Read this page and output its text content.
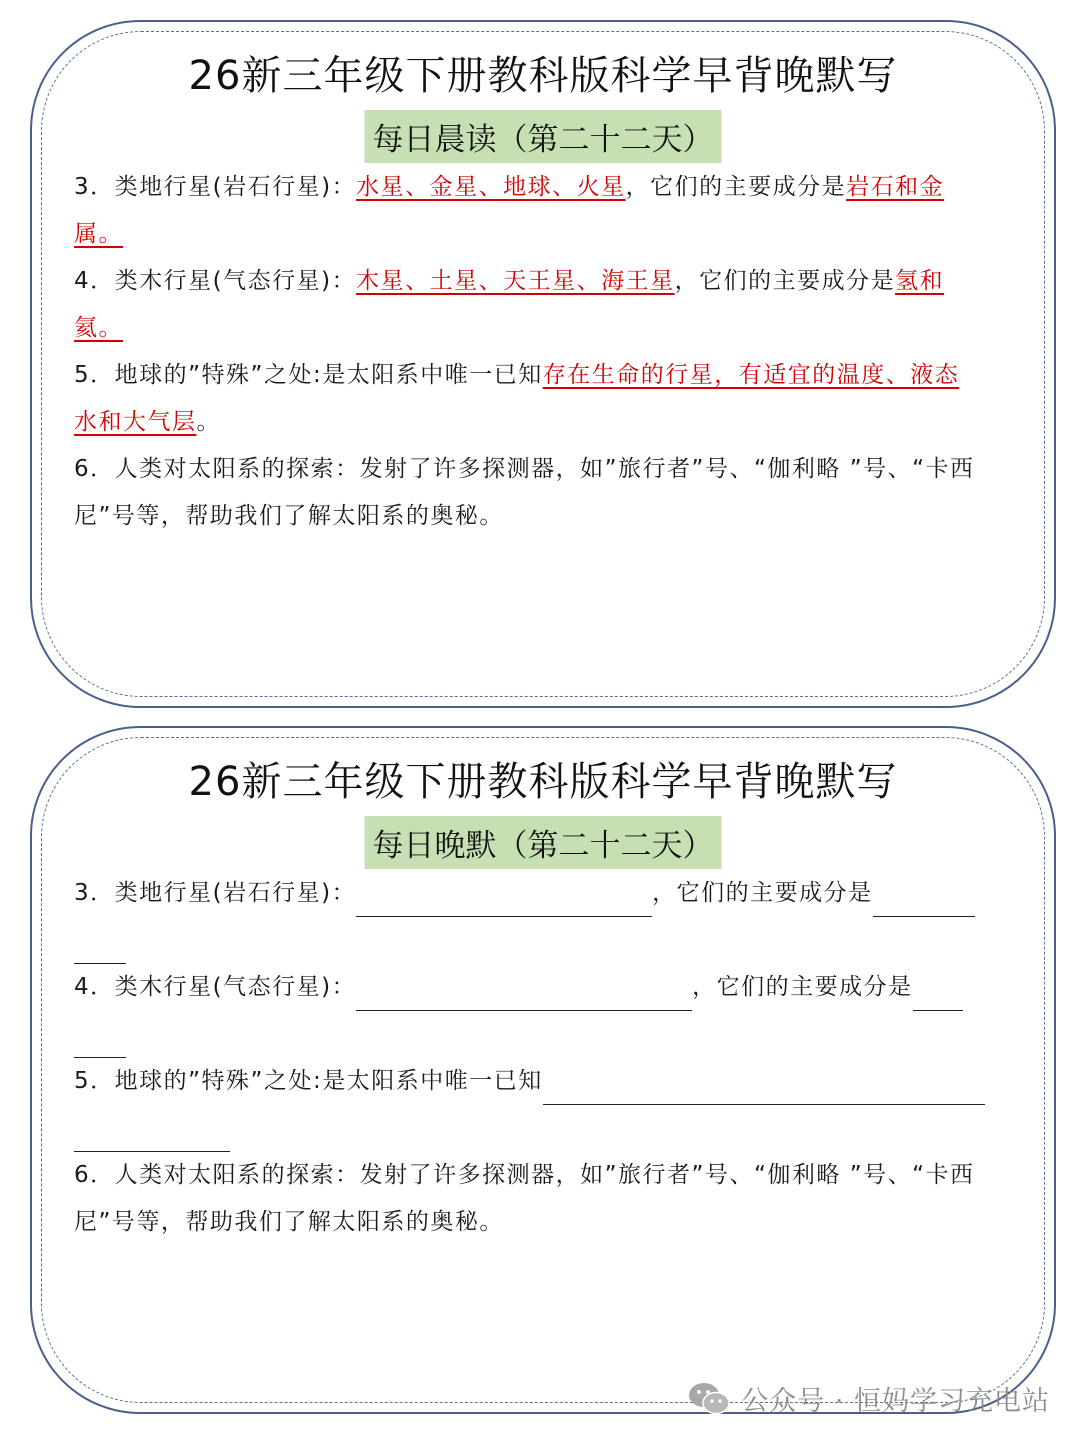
26新三年级下册教科版科学早背晚默写
每日晨读（第二十二天）

3．类地行星(岩石行星)：水星、金星、地球、火星，它们的主要成分是岩石和金
属。

4．类木行星(气态行星)：木星、土星、天王星、海王星，它们的主要成分是氢和
氦。

5．地球的”特殊”之处:是太阳系中唯一已知存在生命的行星，有适宜的温度、液态
水和大气层。

6．人类对太阳系的探索：发射了许多探测器，如”旅行者”号、“伽利略 ”号、“卡西尼”号等，帮助我们了解太阳系的奥秘。

26新三年级下册教科版科学早背晚默写
每日晚默（第二十二天）

3．类地行星(岩石行星)：	，它们的主要成分是

4．类木行星(气态行星)：	，它们的主要成分是

5．地球的”特殊”之处:是太阳系中唯一已知

6．人类对太阳系的探索：发射了许多探测器，如”旅行者”号、“伽利略 ”号、“卡西尼”号等，帮助我们了解太阳系的奥秘。

公众号 · 恒妈学习充电站
